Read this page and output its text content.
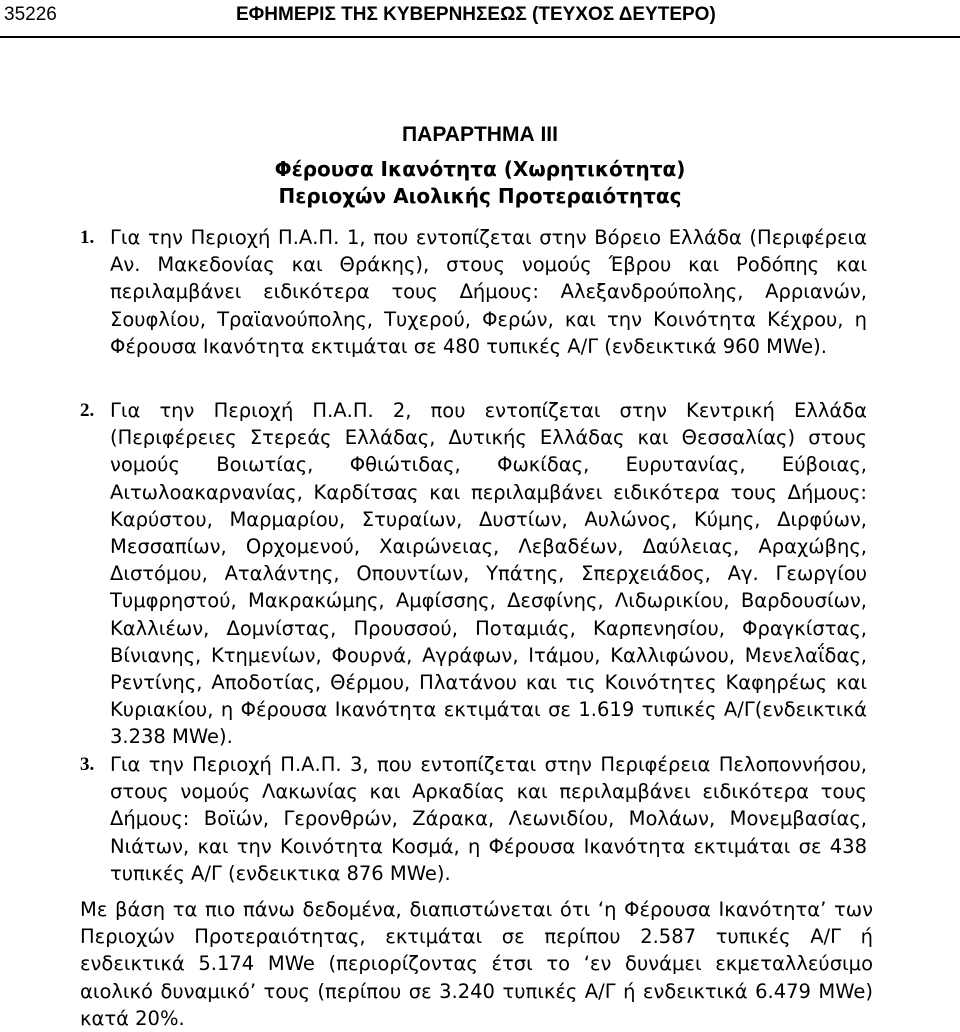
35226	ΕΦΗΜΕΡΙΣ ΤΗΣ ΚΥΒΕΡΝΗΣΕΩΣ (ΤΕΥΧΟΣ ΔΕΥΤΕΡΟ)
ΠΑΡΑΡΤΗΜΑ ΙΙΙ
Φέρουσα Ικανότητα (Χωρητικότητα)
Περιοχών Αιολικής Προτεραιότητας
1. Για την Περιοχή Π.Α.Π. 1, που εντοπίζεται στην Βόρειο Ελλάδα (Περιφέρεια Αν. Μακεδονίας και Θράκης), στους νομούς Έβρου και Ροδόπης και περιλαμβάνει ειδικότερα τους Δήμους: Αλεξανδρούπολης, Αρριανών, Σουφλίου, Τραϊανούπολης, Τυχερού, Φερών, και την Κοινότητα Κέχρου, η Φέρουσα Ικανότητα εκτιμάται σε 480 τυπικές Α/Γ (ενδεικτικά 960 MWe).
2. Για την Περιοχή Π.Α.Π. 2, που εντοπίζεται στην Κεντρική Ελλάδα (Περιφέρειες Στερεάς Ελλάδας, Δυτικής Ελλάδας και Θεσσαλίας) στους νομούς Βοιωτίας, Φθιώτιδας, Φωκίδας, Ευρυτανίας, Εύβοιας, Αιτωλοακαρνανίας, Καρδίτσας και περιλαμβάνει ειδικότερα τους Δήμους: Καρύστου, Μαρμαρίου, Στυραίων, Δυστίων, Αυλώνος, Κύμης, Διρφύων, Μεσσαπίων, Ορχομενού, Χαιρώνειας, Λεβαδέων, Δαύλειας, Αραχώβης, Διστόμου, Αταλάντης, Οπουντίων, Υπάτης, Σπερχειάδος, Αγ. Γεωργίου Τυμφρηστού, Μακρακώμης, Αμφίσσης, Δεσφίνης, Λιδωρικίου, Βαρδουσίων, Καλλιέων, Δομνίστας, Προυσσού, Ποταμιάς, Καρπενησίου, Φραγκίστας, Βίνιανης, Κτημενίων, Φουρνά, Αγράφων, Ιτάμου, Καλλιφώνου, Μενελαΐδας, Ρεντίνης, Αποδοτίας, Θέρμου, Πλατάνου και τις Κοινότητες Καφηρέως και Κυριακίου, η Φέρουσα Ικανότητα εκτιμάται σε 1.619 τυπικές Α/Γ(ενδεικτικά 3.238 MWe).
3. Για την Περιοχή Π.Α.Π. 3, που εντοπίζεται στην Περιφέρεια Πελοποννήσου, στους νομούς Λακωνίας και Αρκαδίας και περιλαμβάνει ειδικότερα τους Δήμους: Βοϊών, Γερονθρών, Ζάρακα, Λεωνιδίου, Μολάων, Μονεμβασίας, Νιάτων, και την Κοινότητα Κοσμά, η Φέρουσα Ικανότητα εκτιμάται σε 438 τυπικές Α/Γ (ενδεικτικα 876 MWe).
Με βάση τα πιο πάνω δεδομένα, διαπιστώνεται ότι ‘η Φέρουσα Ικανότητα’ των Περιοχών Προτεραιότητας, εκτιμάται σε περίπου 2.587 τυπικές Α/Γ ή ενδεικτικά 5.174 MWe (περιορίζοντας έτσι το ‘εν δυνάμει εκμεταλλεύσιμο αιολικό δυναμικό’ τους (περίπου σε 3.240 τυπικές Α/Γ ή ενδεικτικά 6.479 MWe) κατά 20%.
